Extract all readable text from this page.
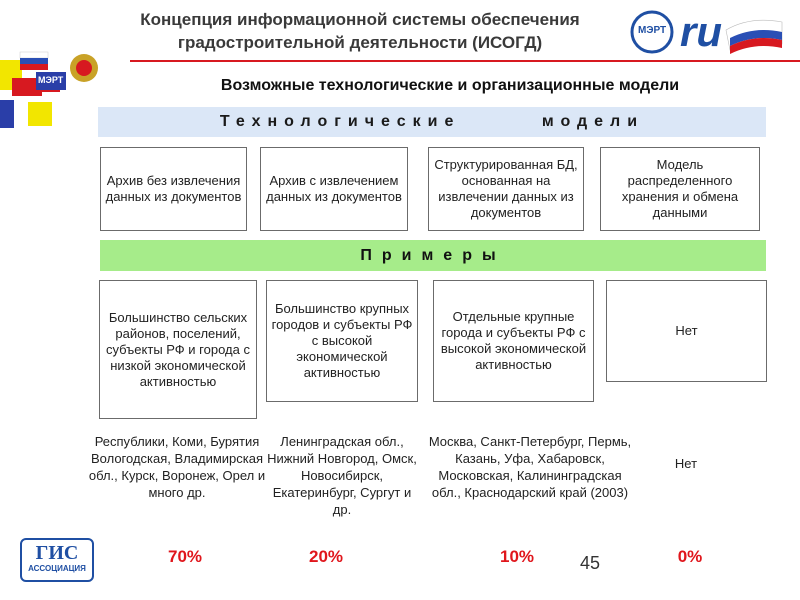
МЭРТ
Концепция информационной системы обеспечения градостроительной деятельности (ИСОГД)
МЭРТ ru
Возможные технологические и организационные модели
Технологические модели
Архив без извлечения данных из документов
Архив с извлечением данных из документов
Структурированная БД, основанная на извлечении данных из документов
Модель распределенного хранения и обмена данными
Примеры
Большинство сельских районов, поселений, субъекты РФ и города с низкой экономической активностью
Большинство крупных городов и субъекты РФ с высокой экономической активностью
Отдельные крупные города и субъекты РФ с высокой экономической активностью
Нет
Республики, Коми, Бурятия Вологодская, Владимирская обл., Курск, Воронеж, Орел и много др.
Ленинградская обл., Нижний Новгород, Омск, Новосибирск, Екатеринбург, Сургут и др.
Москва, Санкт-Петербург, Пермь, Казань, Уфа, Хабаровск, Московская, Калининградская обл., Краснодарский край (2003)
Нет
70%	20%	10%	0%
45
ГИС
АССОЦИАЦИЯ
